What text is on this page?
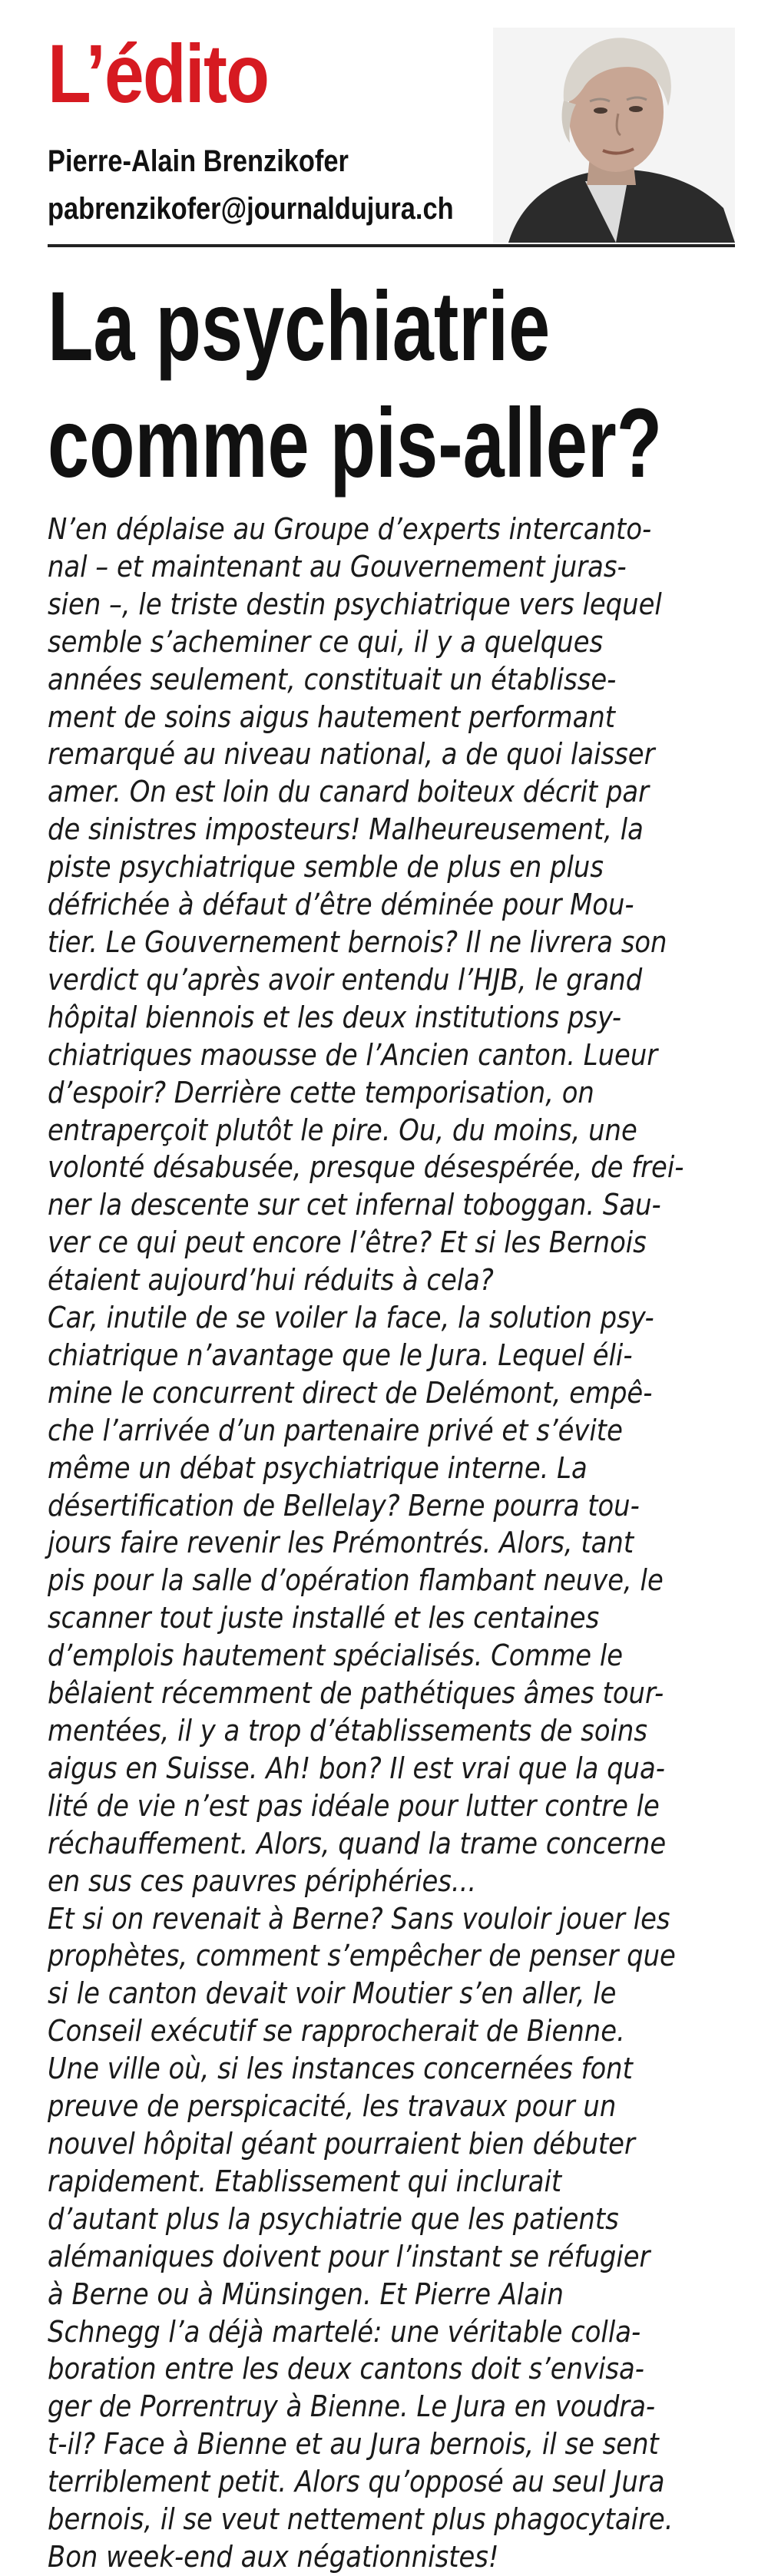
L’édito
Pierre-Alain Brenzikofer
pabrenzikofer@journaldujura.ch
La psychiatrie
comme pis-aller?
N’en déplaise au Groupe d’experts intercanto-
nal – et maintenant au Gouvernement juras-
sien –, le triste destin psychiatrique vers lequel
semble s’acheminer ce qui, il y a quelques
années seulement, constituait un établisse-
ment de soins aigus hautement performant
remarqué au niveau national, a de quoi laisser
amer. On est loin du canard boiteux décrit par
de sinistres imposteurs! Malheureusement, la
piste psychiatrique semble de plus en plus
défrichée à défaut d’être déminée pour Mou-
tier. Le Gouvernement bernois? Il ne livrera son
verdict qu’après avoir entendu l’HJB, le grand
hôpital biennois et les deux institutions psy-
chiatriques maousse de l’Ancien canton. Lueur
d’espoir? Derrière cette temporisation, on
entraperçoit plutôt le pire. Ou, du moins, une
volonté désabusée, presque désespérée, de frei-
ner la descente sur cet infernal toboggan. Sau-
ver ce qui peut encore l’être? Et si les Bernois
étaient aujourd’hui réduits à cela?
Car, inutile de se voiler la face, la solution psy-
chiatrique n’avantage que le Jura. Lequel éli-
mine le concurrent direct de Delémont, empê-
che l’arrivée d’un partenaire privé et s’évite
même un débat psychiatrique interne. La
désertification de Bellelay? Berne pourra tou-
jours faire revenir les Prémontrés. Alors, tant
pis pour la salle d’opération flambant neuve, le
scanner tout juste installé et les centaines
d’emplois hautement spécialisés. Comme le
bêlaient récemment de pathétiques âmes tour-
mentées, il y a trop d’établissements de soins
aigus en Suisse. Ah! bon? Il est vrai que la qua-
lité de vie n’est pas idéale pour lutter contre le
réchauffement. Alors, quand la trame concerne
en sus ces pauvres périphéries...
Et si on revenait à Berne? Sans vouloir jouer les
prophètes, comment s’empêcher de penser que
si le canton devait voir Moutier s’en aller, le
Conseil exécutif se rapprocherait de Bienne.
Une ville où, si les instances concernées font
preuve de perspicacité, les travaux pour un
nouvel hôpital géant pourraient bien débuter
rapidement. Etablissement qui inclurait
d’autant plus la psychiatrie que les patients
alémaniques doivent pour l’instant se réfugier
à Berne ou à Münsingen. Et Pierre Alain
Schnegg l’a déjà martelé: une véritable colla-
boration entre les deux cantons doit s’envisa-
ger de Porrentruy à Bienne. Le Jura en voudra-
t-il? Face à Bienne et au Jura bernois, il se sent
terriblement petit. Alors qu’opposé au seul Jura
bernois, il se veut nettement plus phagocytaire.
Bon week-end aux négationnistes!
